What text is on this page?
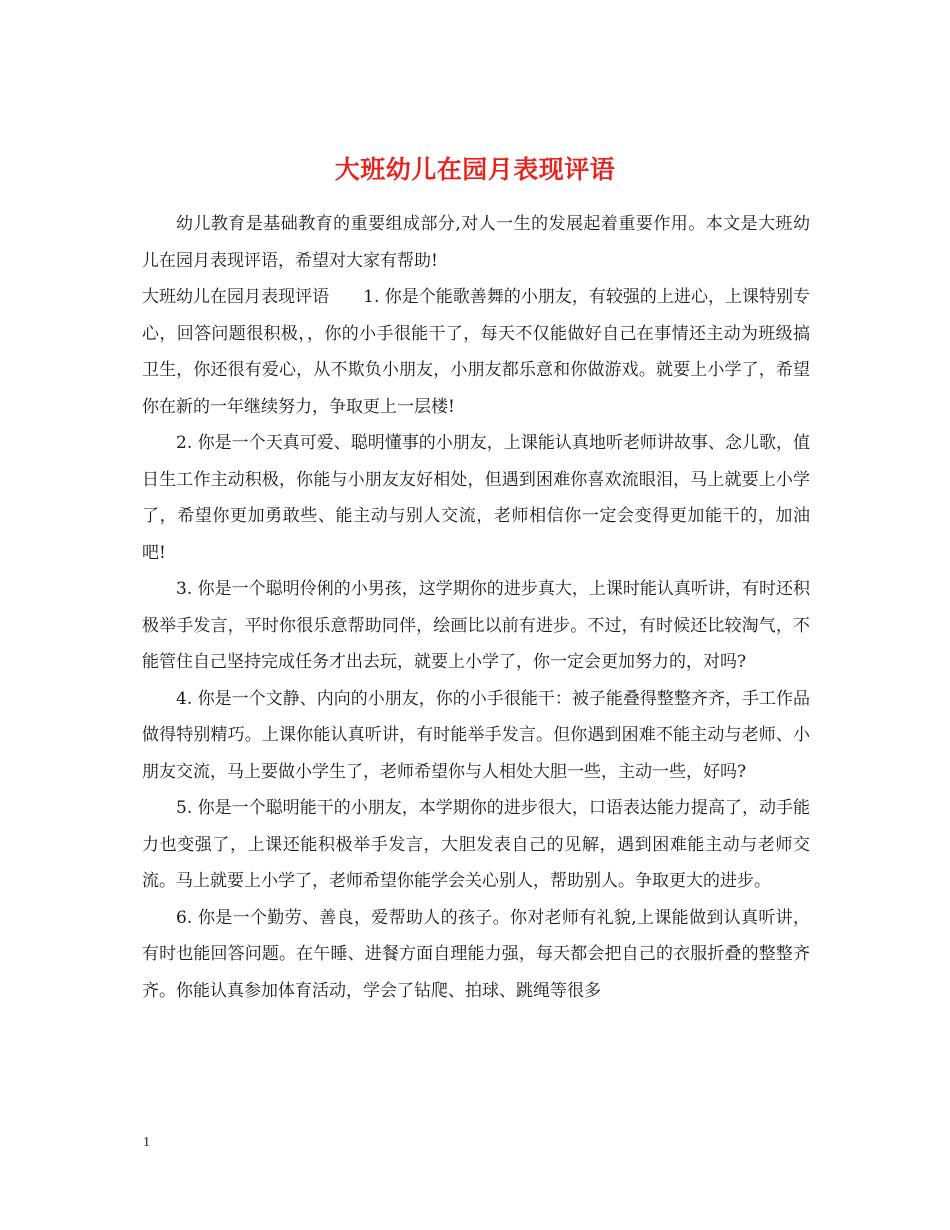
大班幼儿在园月表现评语

幼儿教育是基础教育的重要组成部分,对人一生的发展起着重要作用。本文是大班幼儿在园月表现评语，希望对大家有帮助!

大班幼儿在园月表现评语　　1. 你是个能歌善舞的小朋友，有较强的上进心，上课特别专心，回答问题很积极，，你的小手很能干了，每天不仅能做好自己在事情还主动为班级搞卫生，你还很有爱心，从不欺负小朋友，小朋友都乐意和你做游戏。就要上小学了，希望你在新的一年继续努力，争取更上一层楼!

2. 你是一个天真可爱、聪明懂事的小朋友，上课能认真地听老师讲故事、念儿歌，值日生工作主动积极，你能与小朋友友好相处，但遇到困难你喜欢流眼泪，马上就要上小学了，希望你更加勇敢些、能主动与别人交流，老师相信你一定会变得更加能干的，加油吧!

3. 你是一个聪明伶俐的小男孩，这学期你的进步真大，上课时能认真听讲，有时还积极举手发言，平时你很乐意帮助同伴，绘画比以前有进步。不过，有时候还比较淘气，不能管住自己坚持完成任务才出去玩，就要上小学了，你一定会更加努力的，对吗?

4. 你是一个文静、内向的小朋友，你的小手很能干：被子能叠得整整齐齐，手工作品做得特别精巧。上课你能认真听讲，有时能举手发言。但你遇到困难不能主动与老师、小朋友交流，马上要做小学生了，老师希望你与人相处大胆一些，主动一些，好吗?

5. 你是一个聪明能干的小朋友，本学期你的进步很大，口语表达能力提高了，动手能力也变强了，上课还能积极举手发言，大胆发表自己的见解，遇到困难能主动与老师交流。马上就要上小学了，老师希望你能学会关心别人，帮助别人。争取更大的进步。

6. 你是一个勤劳、善良，爱帮助人的孩子。你对老师有礼貌,上课能做到认真听讲，有时也能回答问题。在午睡、进餐方面自理能力强，每天都会把自己的衣服折叠的整整齐齐。你能认真参加体育活动，学会了钻爬、拍球、跳绳等很多

1
